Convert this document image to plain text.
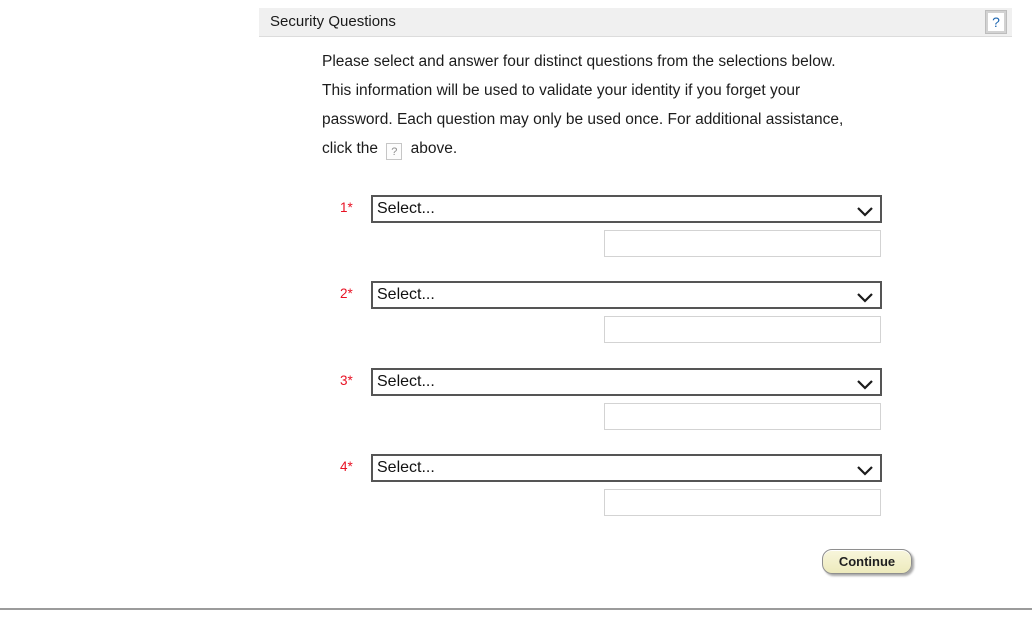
Security Questions	?
Please select and answer four distinct questions from the selections below.
This information will be used to validate your identity if you forget your
password. Each question may only be used once. For additional assistance,
click the ? above.
1*
Select...
2*
Select...
3*
Select...
4*
Select...
Continue
